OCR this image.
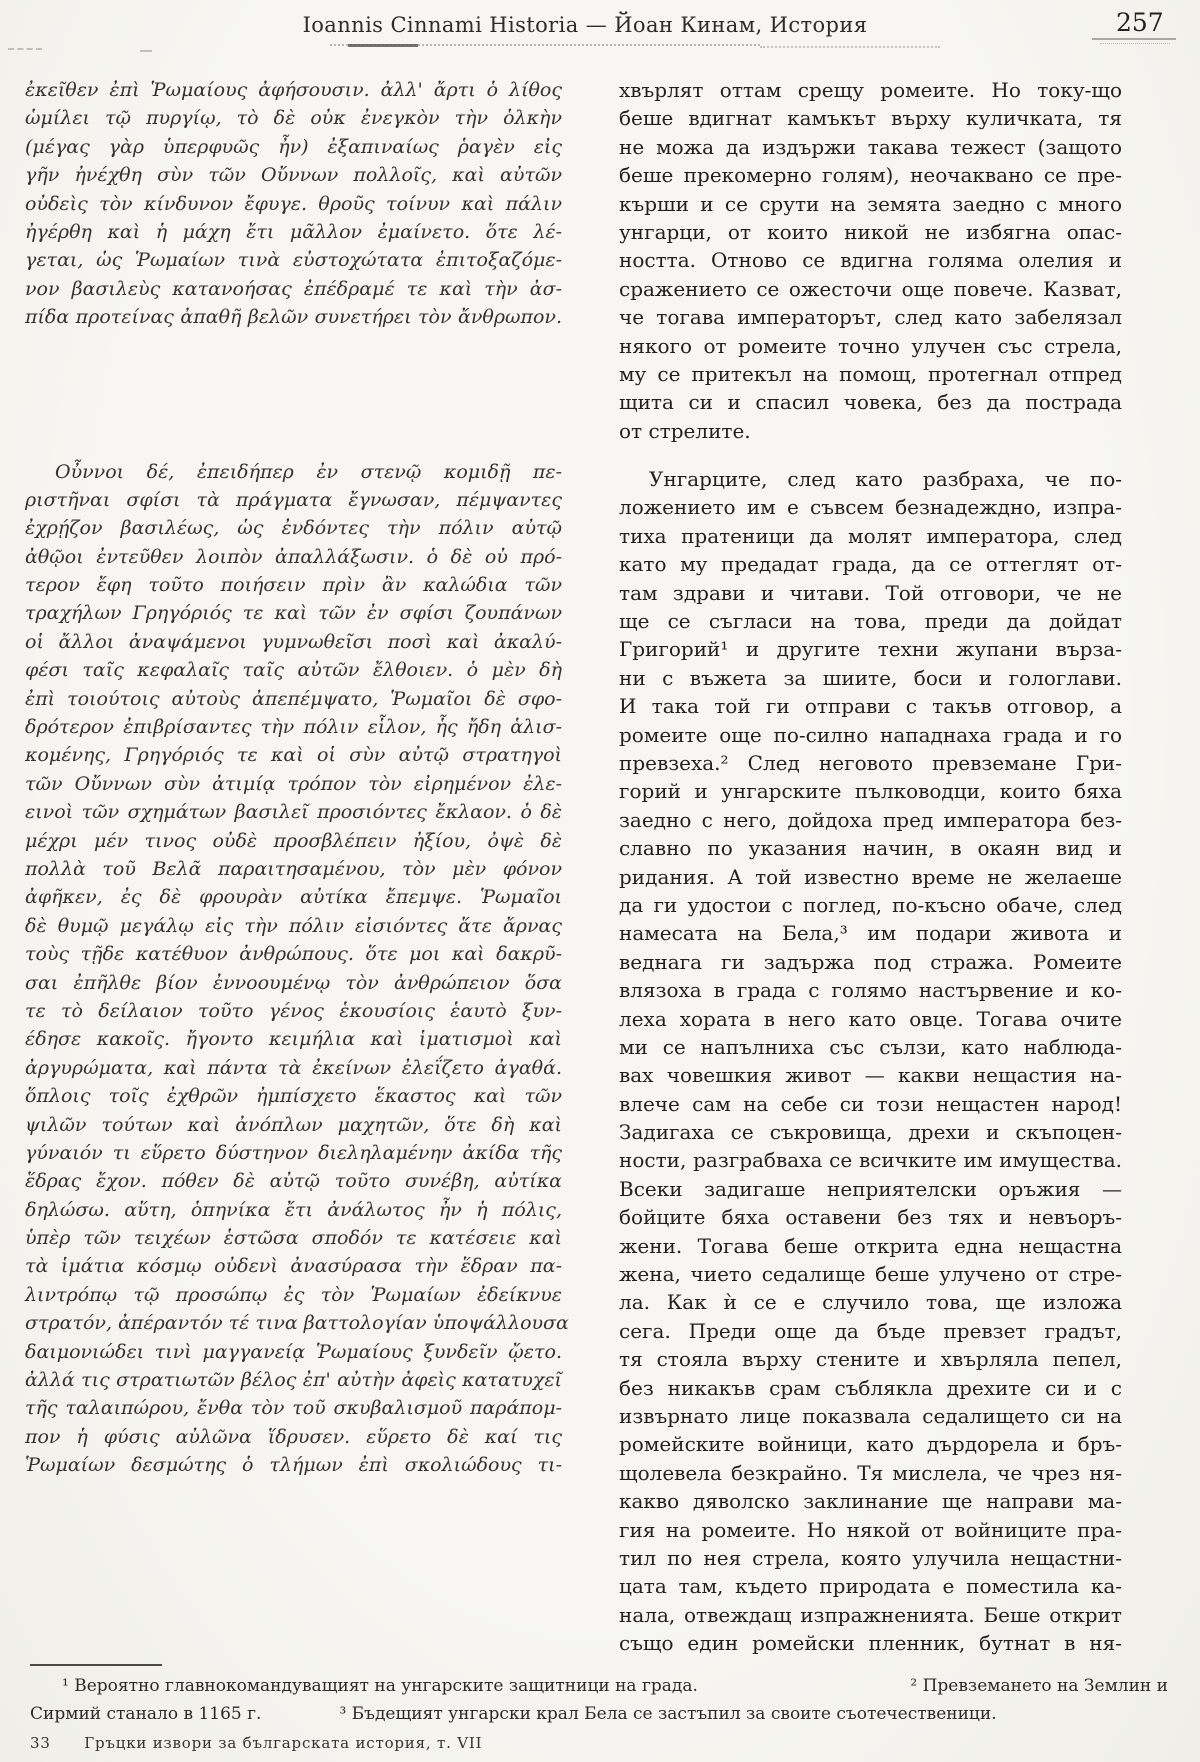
Ioannis Cinnami Historia — Йоан Кинам, История	257
ἐκεῖθεν ἐπὶ Ῥωμαίους ἀφήσουσιν. ἀλλ' ἄρτι ὁ λίθος
ὡμίλει τῷ πυργίῳ, τὸ δὲ οὐκ ἐνεγκὸν τὴν ὁλκὴν
(μέγας γὰρ ὑπερφυῶς ἦν) ἐξαπιναίως ῥαγὲν εἰς
γῆν ἠνέχθη σὺν τῶν Οὔννων πολλοῖς, καὶ αὐτῶν
οὐδεὶς τὸν κίνδυνον ἔφυγε. θροῦς τοίνυν καὶ πάλιν
ἠγέρθη καὶ ἡ μάχη ἔτι μᾶλλον ἐμαίνετο. ὅτε λέ-
γεται, ὡς Ῥωμαίων τινὰ εὐστοχώτατα ἐπιτοξαζόμε-
νον βασιλεὺς κατανοήσας ἐπέδραμέ τε καὶ τὴν ἀσ-
πίδα προτείνας ἀπαθῆ βελῶν συνετήρει τὸν ἄνθρωπον.
Οὖννοι δέ, ἐπειδήπερ ἐν στενῷ κομιδῇ πε-
ριστῆναι σφίσι τὰ πράγματα ἔγνωσαν, πέμψαντες
ἐχρῄζον βασιλέως, ὡς ἐνδόντες τὴν πόλιν αὐτῷ
ἀθῷοι ἐντεῦθεν λοιπὸν ἀπαλλάξωσιν. ὁ δὲ οὐ πρό-
τερον ἔφη τοῦτο ποιήσειν πρὶν ἂν καλώδια τῶν
τραχήλων Γρηγόριός τε καὶ τῶν ἐν σφίσι ζουπάνων
οἱ ἄλλοι ἀναψάμενοι γυμνωθεῖσι ποσὶ καὶ ἀκαλύ-
φέσι ταῖς κεφαλαῖς ταῖς αὐτῶν ἔλθοιεν. ὁ μὲν δὴ
ἐπὶ τοιούτοις αὐτοὺς ἀπεπέμψατο, Ῥωμαῖοι δὲ σφο-
δρότερον ἐπιβρίσαντες τὴν πόλιν εἷλον, ἧς ἤδη ἁλισ-
κομένης, Γρηγόριός τε καὶ οἱ σὺν αὐτῷ στρατηγοὶ
τῶν Οὔννων σὺν ἀτιμίᾳ τρόπον τὸν εἰρημένον ἐλε-
εινοὶ τῶν σχημάτων βασιλεῖ προσιόντες ἔκλαον. ὁ δὲ
μέχρι μέν τινος οὐδὲ προσβλέπειν ἠξίου, ὀψὲ δὲ
πολλὰ τοῦ Βελᾶ παραιτησαμένου, τὸν μὲν φόνον
ἀφῆκεν, ἐς δὲ φρουρὰν αὐτίκα ἔπεμψε. Ῥωμαῖοι
δὲ θυμῷ μεγάλῳ εἰς τὴν πόλιν εἰσιόντες ἅτε ἄρνας
τοὺς τῇδε κατέθυον ἀνθρώπους. ὅτε μοι καὶ δακρῦ-
σαι ἐπῆλθε βίον ἐννοουμένῳ τὸν ἀνθρώπειον ὅσα
τε τὸ δείλαιον τοῦτο γένος ἑκουσίοις ἑαυτὸ ξυν-
έδησε κακοῖς. ἤγοντο κειμήλια καὶ ἱματισμοὶ καὶ
ἀργυρώματα, καὶ πάντα τὰ ἐκείνων ἐλεΐζετο ἀγαθά.
ὅπλοις τοῖς ἐχθρῶν ἠμπίσχετο ἕκαστος καὶ τῶν
ψιλῶν τούτων καὶ ἀνόπλων μαχητῶν, ὅτε δὴ καὶ
γύναιόν τι εὕρετο δύστηνον διεληλαμένην ἀκίδα τῆς
ἕδρας ἔχον. πόθεν δὲ αὐτῷ τοῦτο συνέβη, αὐτίκα
δηλώσω. αὕτη, ὁπηνίκα ἔτι ἀνάλωτος ἦν ἡ πόλις,
ὑπὲρ τῶν τειχέων ἑστῶσα σποδόν τε κατέσειε καὶ
τὰ ἱμάτια κόσμῳ οὐδενὶ ἀνασύρασα τὴν ἕδραν πα-
λιντρόπῳ τῷ προσώπῳ ἐς τὸν Ῥωμαίων ἐδείκνυε
στρατόν, ἀπέραντόν τέ τινα βαττολογίαν ὑποψάλλουσα
δαιμονιώδει τινὶ μαγγανείᾳ Ῥωμαίους ξυνδεῖν ᾤετο.
ἀλλά τις στρατιωτῶν βέλος ἐπ' αὐτὴν ἀφεὶς κατατυχεῖ
τῆς ταλαιπώρου, ἔνθα τὸν τοῦ σκυβαλισμοῦ παράπομ-
πον ἡ φύσις αὐλῶνα ἵδρυσεν. εὕρετο δὲ καί τις
Ῥωμαίων δεσμώτης ὁ τλήμων ἐπὶ σκολιώδους τι-
хвърлят оттам срещу ромеите. Но току-що
беше вдигнат камъкът върху куличката, тя
не можа да издържи такава тежест (защото
беше прекомерно голям), неочаквано се пре-
кърши и се срути на земята заедно с много
унгарци, от които никой не избягна опас-
ността. Отново се вдигна голяма олелия и
сражението се ожесточи още повече. Казват,
че тогава императорът, след като забелязал
някого от ромеите точно улучен със стрела,
му се притекъл на помощ, протегнал отпред
щита си и спасил човека, без да пострада
от стрелите.
Унгарците, след като разбраха, че по-
ложението им е съвсем безнадеждно, изпра-
тиха пратеници да молят императора, след
като му предадат града, да се оттеглят от-
там здрави и читави. Той отговори, че не
ще се съгласи на това, преди да дойдат
Григорий¹ и другите техни жупани върза-
ни с въжета за шиите, боси и гологлави.
И така той ги отправи с такъв отговор, а
ромеите още по-силно нападнаха града и го
превзеха.² След неговото превземане Гри-
горий и унгарските пълководци, които бяха
заедно с него, дойдоха пред императора без-
славно по указания начин, в окаян вид и
ридания. А той известно време не желаеше
да ги удостои с поглед, по-късно обаче, след
намесата на Бела,³ им подари живота и
веднага ги задържа под стража. Ромеите
влязоха в града с голямо настървение и ко-
леха хората в него като овце. Тогава очите
ми се напълниха със сълзи, като наблюда-
вах човешкия живот — какви нещастия на-
влече сам на себе си този нещастен народ!
Задигаха се съкровища, дрехи и скъпоцен-
ности, разграбваха се всичките им имущества.
Всеки задигаше неприятелски оръжия —
бойците бяха оставени без тях и невъоръ-
жени. Тогава беше открита една нещастна
жена, чието седалище беше улучено от стре-
ла. Как ѝ се е случило това, ще изложа
сега. Преди още да бъде превзет градът,
тя стояла върху стените и хвърляла пепел,
без никакъв срам съблякла дрехите си и с
извърнато лице показвала седалището си на
ромейските войници, като дърдорела и бръ-
щолевела безкрайно. Тя мислела, че чрез ня-
какво дяволско заклинание ще направи ма-
гия на ромеите. Но някой от войниците пра-
тил по нея стрела, която улучила нещастни-
цата там, където природата е поместила ка-
нала, отвеждащ изпражненията. Беше открит
също един ромейски пленник, бутнат в ня-
¹ Вероятно главнокомандуващият на унгарските защитници на града.	² Превземането на Землин и
Сирмий станало в 1165 г.	³ Бъдещият унгарски крал Бела се застъпил за своите съотечественици.
33 Гръцки извори за българската история, т. VII
